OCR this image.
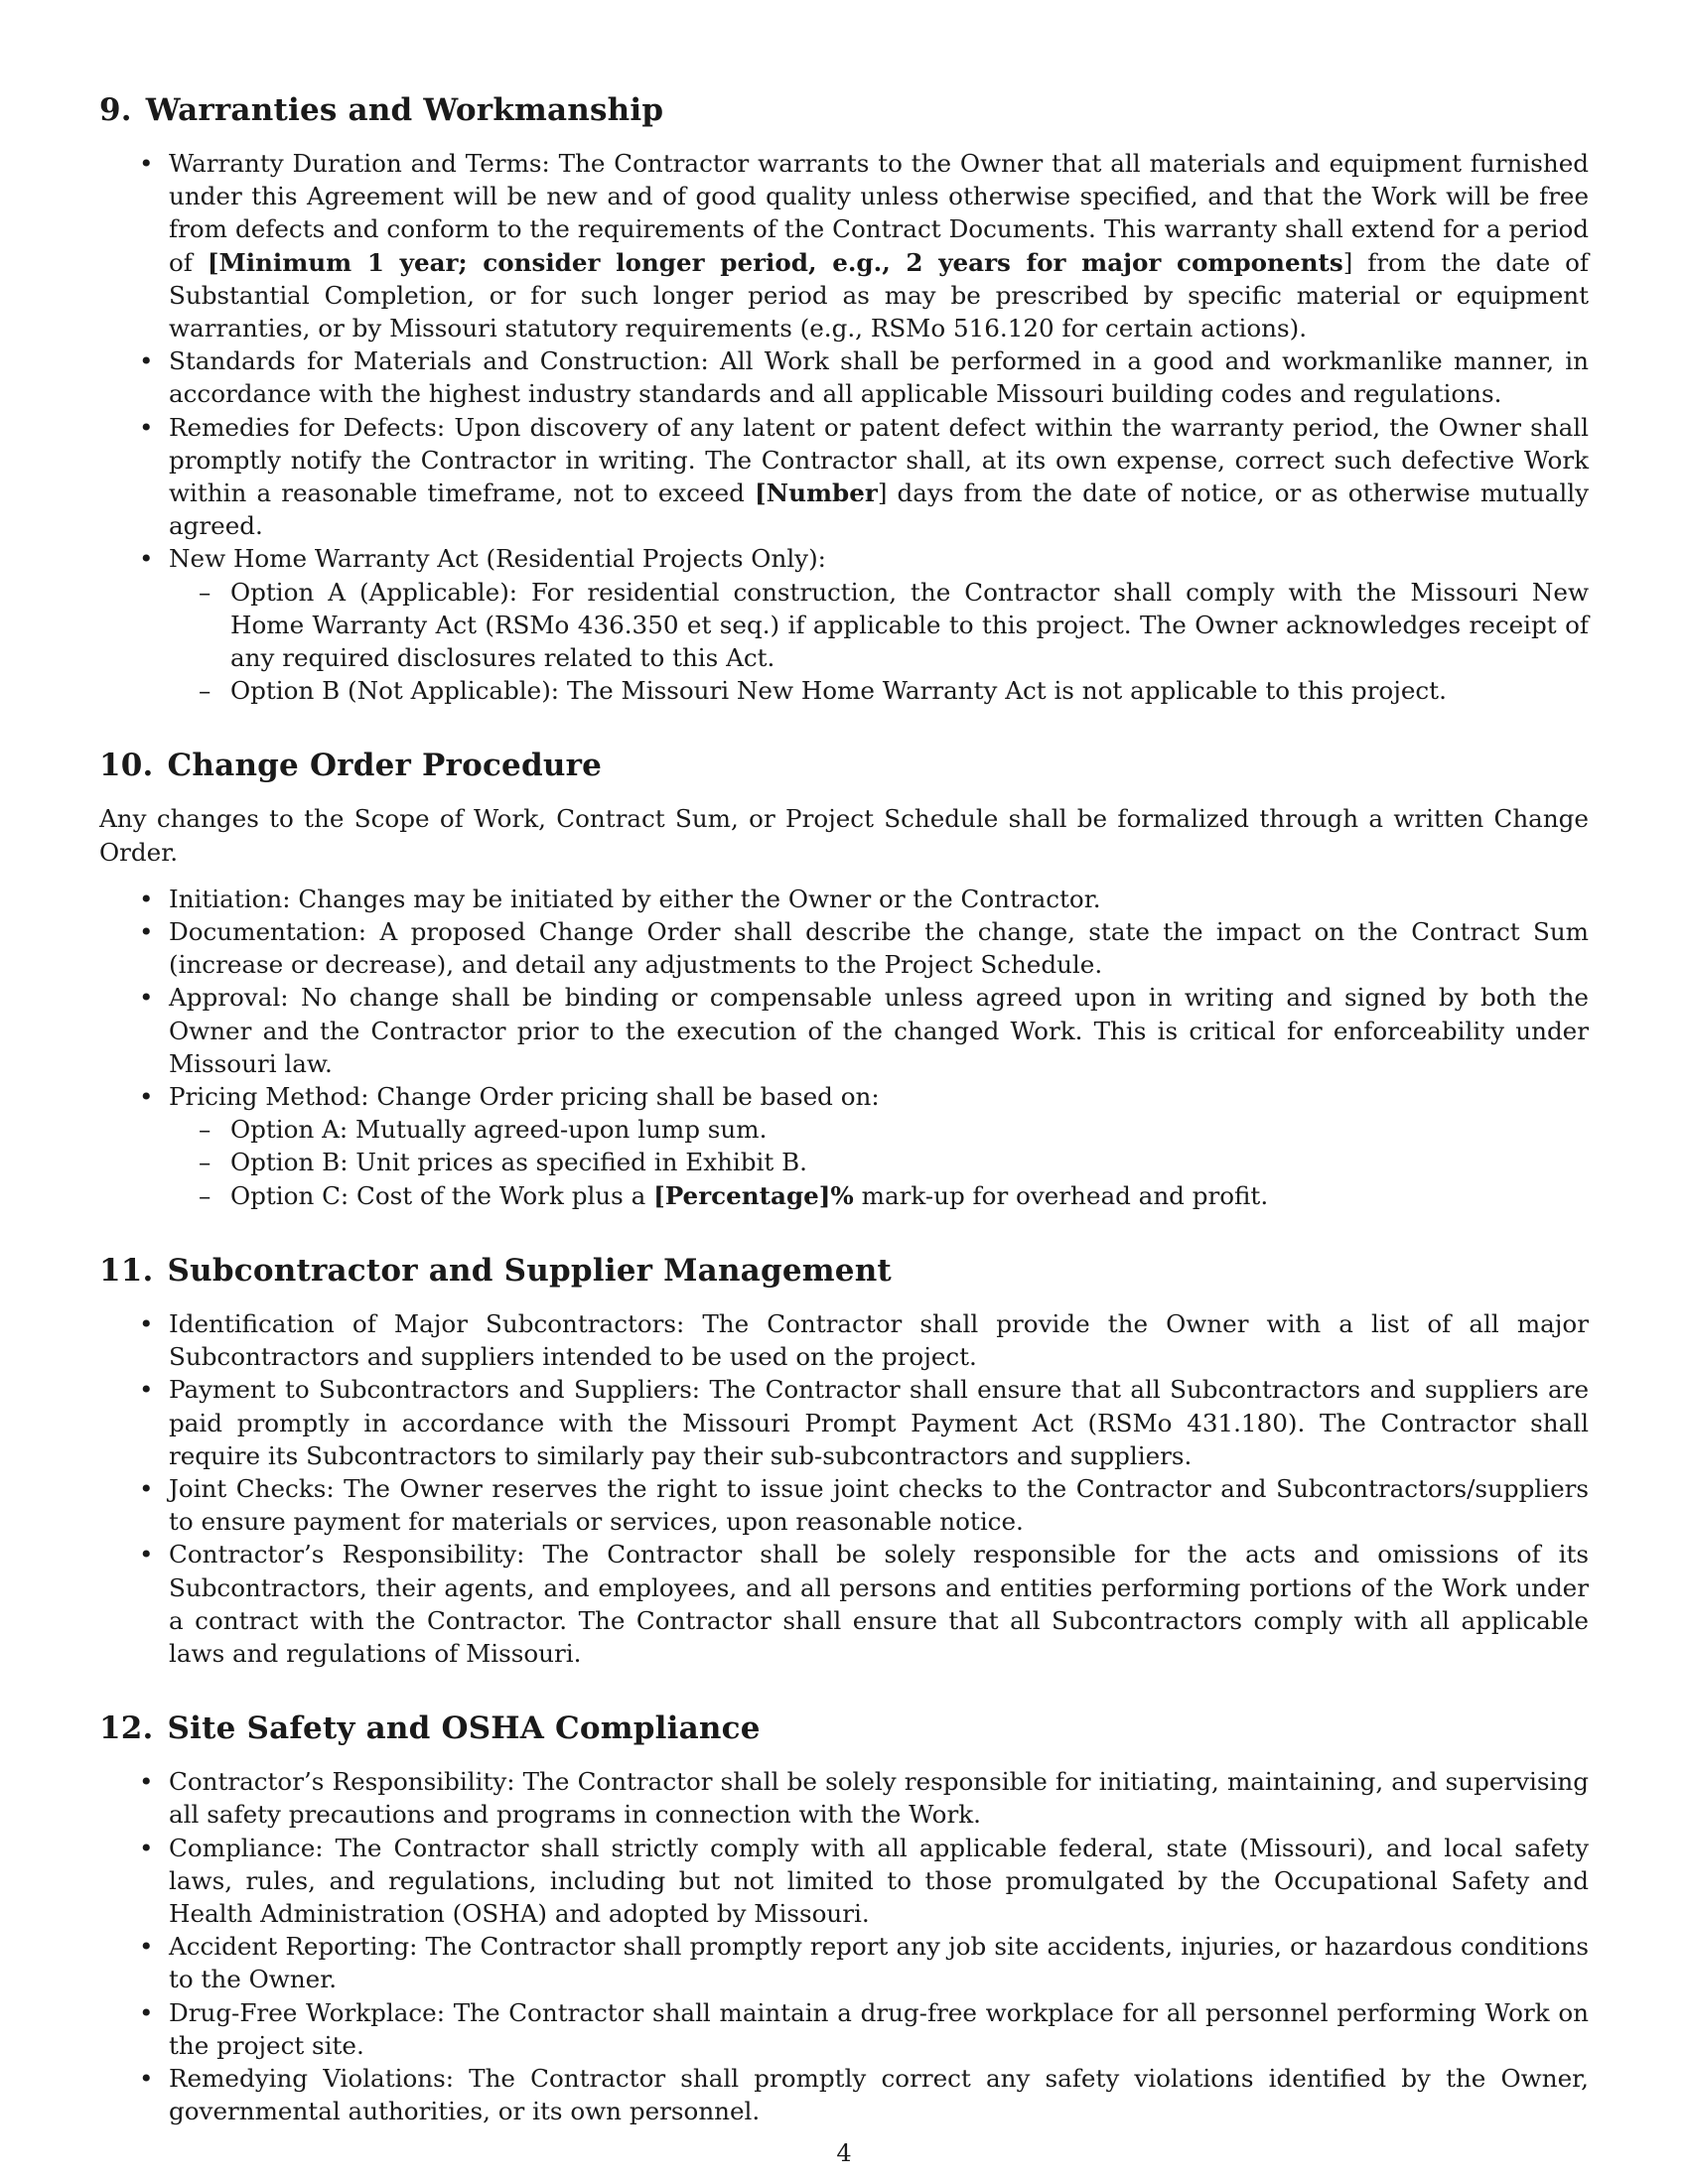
9. Warranties and Workmanship
• Warranty Duration and Terms: The Contractor warrants to the Owner that all materials and equipment furnished under this Agreement will be new and of good quality unless otherwise specified, and that the Work will be free from defects and conform to the requirements of the Contract Documents. This warranty shall extend for a period of [Minimum 1 year; consider longer period, e.g., 2 years for major components] from the date of Substantial Completion, or for such longer period as may be prescribed by specific material or equipment warranties, or by Missouri statutory requirements (e.g., RSMo 516.120 for certain actions).
• Standards for Materials and Construction: All Work shall be performed in a good and workmanlike manner, in accordance with the highest industry standards and all applicable Missouri building codes and regulations.
• Remedies for Defects: Upon discovery of any latent or patent defect within the warranty period, the Owner shall promptly notify the Contractor in writing. The Contractor shall, at its own expense, correct such defective Work within a reasonable timeframe, not to exceed [Number] days from the date of notice, or as otherwise mutually agreed.
• New Home Warranty Act (Residential Projects Only):
– Option A (Applicable): For residential construction, the Contractor shall comply with the Missouri New Home Warranty Act (RSMo 436.350 et seq.) if applicable to this project. The Owner acknowledges receipt of any required disclosures related to this Act.
– Option B (Not Applicable): The Missouri New Home Warranty Act is not applicable to this project.
10. Change Order Procedure

Any changes to the Scope of Work, Contract Sum, or Project Schedule shall be formalized through a written Change Order.

• Initiation: Changes may be initiated by either the Owner or the Contractor.
• Documentation: A proposed Change Order shall describe the change, state the impact on the Contract Sum (increase or decrease), and detail any adjustments to the Project Schedule.
• Approval: No change shall be binding or compensable unless agreed upon in writing and signed by both the Owner and the Contractor prior to the execution of the changed Work. This is critical for enforceability under Missouri law.
• Pricing Method: Change Order pricing shall be based on:
– Option A: Mutually agreed-upon lump sum.
– Option B: Unit prices as specified in Exhibit B.
– Option C: Cost of the Work plus a [Percentage]% mark-up for overhead and profit.
11. Subcontractor and Supplier Management
• Identification of Major Subcontractors: The Contractor shall provide the Owner with a list of all major Subcontractors and suppliers intended to be used on the project.
• Payment to Subcontractors and Suppliers: The Contractor shall ensure that all Subcontractors and suppliers are paid promptly in accordance with the Missouri Prompt Payment Act (RSMo 431.180). The Contractor shall require its Subcontractors to similarly pay their sub-subcontractors and suppliers.
• Joint Checks: The Owner reserves the right to issue joint checks to the Contractor and Subcontractors/suppliers to ensure payment for materials or services, upon reasonable notice.
• Contractor’s Responsibility: The Contractor shall be solely responsible for the acts and omissions of its Subcontractors, their agents, and employees, and all persons and entities performing portions of the Work under a contract with the Contractor. The Contractor shall ensure that all Subcontractors comply with all applicable laws and regulations of Missouri.
12. Site Safety and OSHA Compliance
• Contractor’s Responsibility: The Contractor shall be solely responsible for initiating, maintaining, and supervising all safety precautions and programs in connection with the Work.
• Compliance: The Contractor shall strictly comply with all applicable federal, state (Missouri), and local safety laws, rules, and regulations, including but not limited to those promulgated by the Occupational Safety and Health Administration (OSHA) and adopted by Missouri.
• Accident Reporting: The Contractor shall promptly report any job site accidents, injuries, or hazardous conditions to the Owner.
• Drug-Free Workplace: The Contractor shall maintain a drug-free workplace for all personnel performing Work on the project site.
• Remedying Violations: The Contractor shall promptly correct any safety violations identified by the Owner, governmental authorities, or its own personnel.
4
